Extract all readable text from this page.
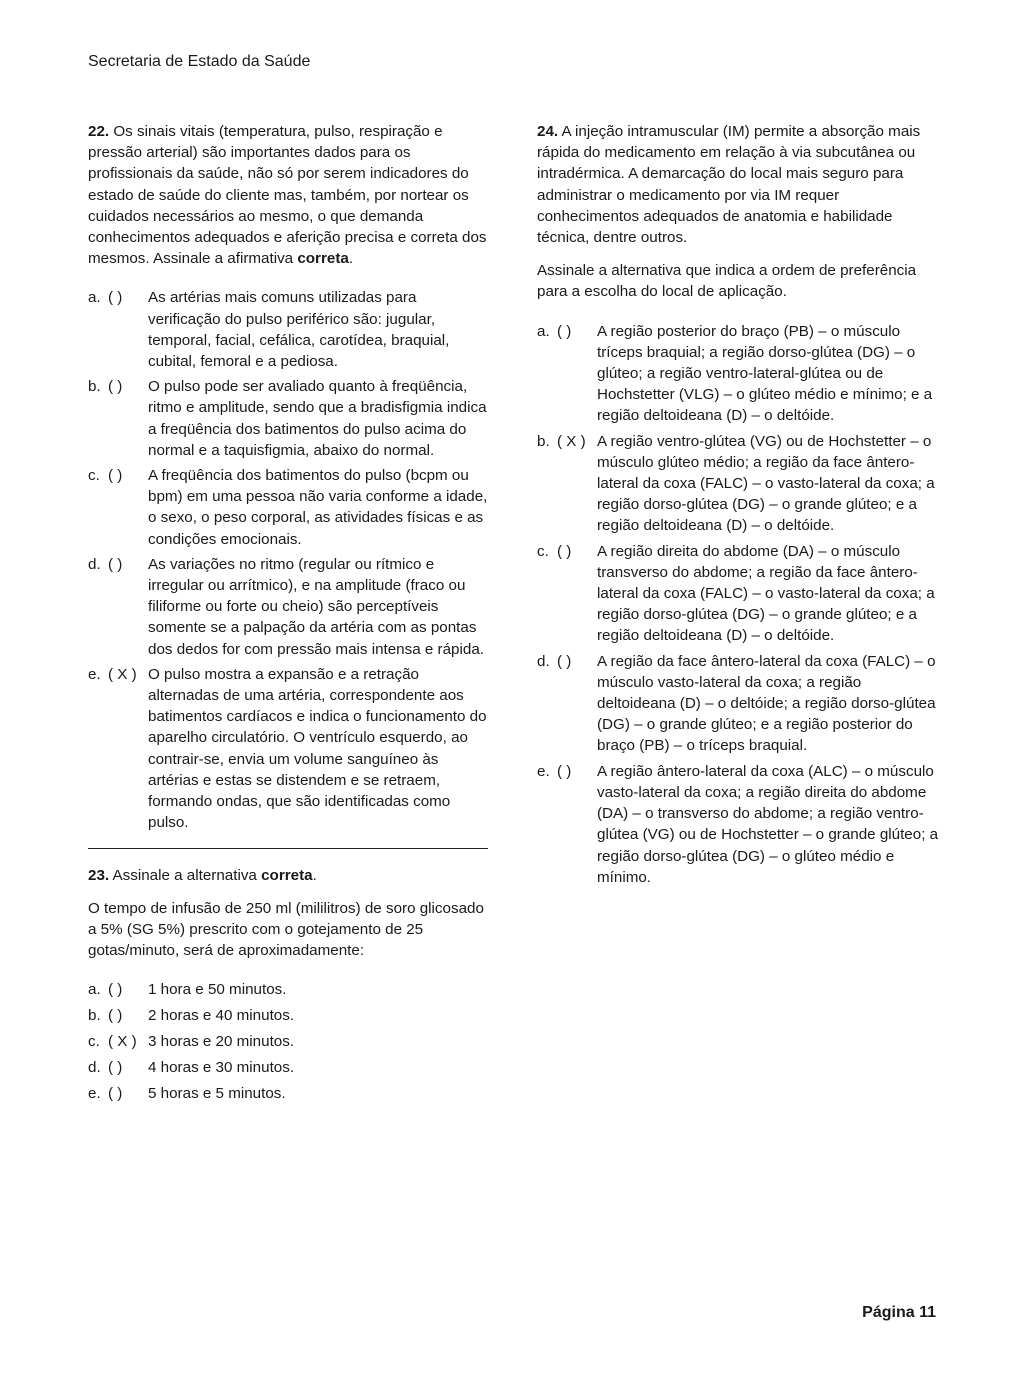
Secretaria de Estado da Saúde

22. Os sinais vitais (temperatura, pulso, respiração e pressão arterial) são importantes dados para os profissionais da saúde, não só por serem indicadores do estado de saúde do cliente mas, também, por nortear os cuidados necessários ao mesmo, o que demanda conhecimentos adequados e aferição precisa e correta dos mesmos. Assinale a afirmativa correta.

a. ( )	As artérias mais comuns utilizadas para verificação do pulso periférico são: jugular, temporal, facial, cefálica, carotídea, braquial, cubital, femoral e a pediosa.
b. ( )	O pulso pode ser avaliado quanto à freqüência, ritmo e amplitude, sendo que a bradisfigmia indica a freqüência dos batimentos do pulso acima do normal e a taquisfigmia, abaixo do normal.
c. ( )	A freqüência dos batimentos do pulso (bcpm ou bpm) em uma pessoa não varia conforme a idade, o sexo, o peso corporal, as atividades físicas e as condições emocionais.
d. ( )	As variações no ritmo (regular ou rítmico e irregular ou arrítmico), e na amplitude (fraco ou filiforme ou forte ou cheio) são perceptíveis somente se a palpação da artéria com as pontas dos dedos for com pressão mais intensa e rápida.
e. ( X ) O pulso mostra a expansão e a retração alternadas de uma artéria, correspondente aos batimentos cardíacos e indica o funcionamento do aparelho circulatório. O ventrículo esquerdo, ao contrair-se, envia um volume sanguíneo às artérias e estas se distendem e se retraem, formando ondas, que são identificadas como pulso.

23. Assinale a alternativa correta.

O tempo de infusão de 250 ml (mililitros) de soro glicosado a 5% (SG 5%) prescrito com o gotejamento de 25 gotas/minuto, será de aproximadamente:

a. ( )	1 hora e 50 minutos.
b. ( )	2 horas e 40 minutos.
c. ( X ) 3 horas e 20 minutos.
d. ( )	4 horas e 30 minutos.
e. ( )	5 horas e 5 minutos.

24. A injeção intramuscular (IM) permite a absorção mais rápida do medicamento em relação à via subcutânea ou intradérmica. A demarcação do local mais seguro para administrar o medicamento por via IM requer conhecimentos adequados de anatomia e habilidade técnica, dentre outros.

Assinale a alternativa que indica a ordem de preferência para a escolha do local de aplicação.

a. ( )	A região posterior do braço (PB) – o músculo tríceps braquial; a região dorso-glútea (DG) – o glúteo; a região ventro-lateral-glútea ou de Hochstetter (VLG) – o glúteo médio e mínimo; e a região deltoideana (D) – o deltóide.
b. ( X ) A região ventro-glútea (VG) ou de Hochstetter – o músculo glúteo médio; a região da face ântero-lateral da coxa (FALC) – o vasto-lateral da coxa; a região dorso-glútea (DG) – o grande glúteo; e a região deltoideana (D) – o deltóide.
c. ( )	A região direita do abdome (DA) – o músculo transverso do abdome; a região da face ântero-lateral da coxa (FALC) – o vasto-lateral da coxa; a região dorso-glútea (DG) – o grande glúteo; e a região deltoideana (D) – o deltóide.
d. ( )	A região da face ântero-lateral da coxa (FALC) – o músculo vasto-lateral da coxa; a região deltoideana (D) – o deltóide; a região dorso-glútea (DG) – o grande glúteo; e a região posterior do braço (PB) – o tríceps braquial.
e. ( )	A região ântero-lateral da coxa (ALC) – o músculo vasto-lateral da coxa; a região direita do abdome (DA) – o transverso do abdome; a região ventro-glútea (VG) ou de Hochstetter – o grande glúteo; a região dorso-glútea (DG) – o glúteo médio e mínimo.
Página 11
